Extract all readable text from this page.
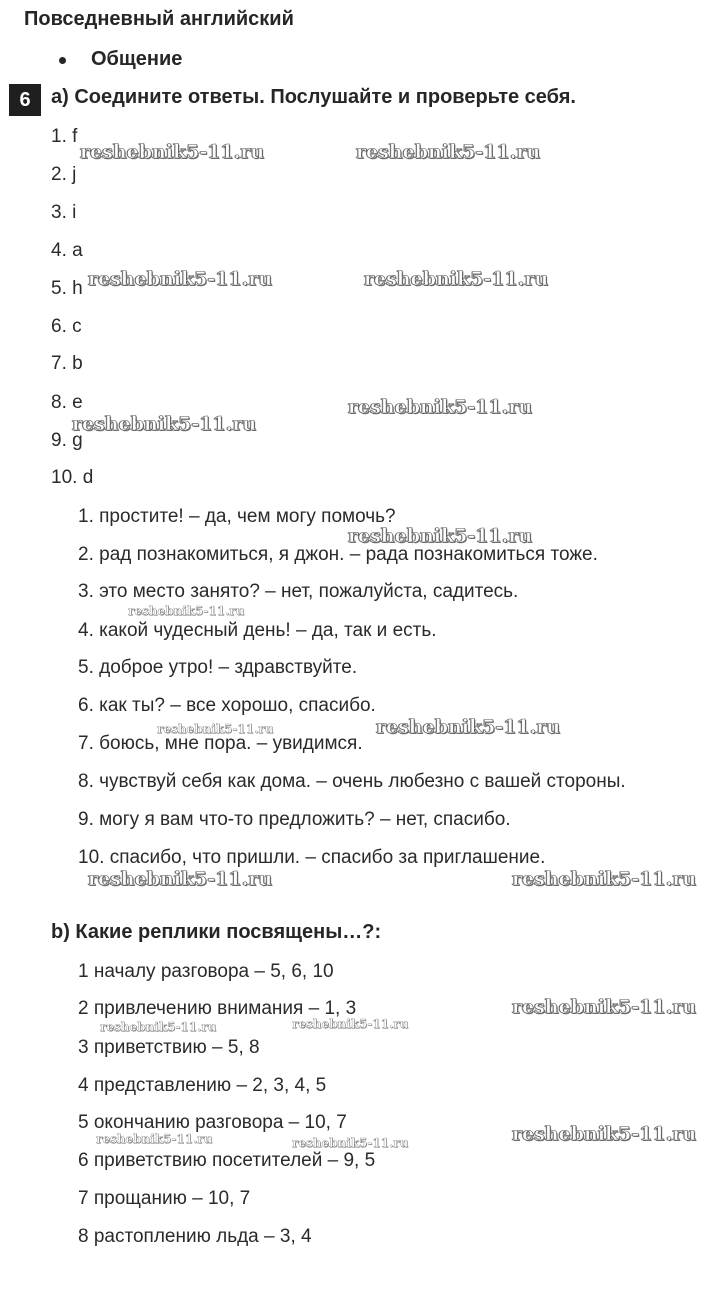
Повседневный английский
Общение
6	a) Соедините ответы. Послушайте и проверьте себя.
1. f
2. j
3. i
4. a
5. h
6. c
7. b
8. e
9. g
10. d
1. простите! – да, чем могу помочь?
2. рад познакомиться, я джон. – рада познакомиться тоже.
3. это место занято? – нет, пожалуйста, садитесь.
4. какой чудесный день! – да, так и есть.
5. доброе утро! – здравствуйте.
6. как ты? – все хорошо, спасибо.
7. боюсь, мне пора. – увидимся.
8. чувствуй себя как дома. – очень любезно с вашей стороны.
9. могу я вам что-то предложить? – нет, спасибо.
10. спасибо, что пришли. – спасибо за приглашение.
b) Какие реплики посвящены…?:
1 началу разговора – 5, 6, 10
2 привлечению внимания – 1, 3
3 приветствию – 5, 8
4 представлению – 2, 3, 4, 5
5 окончанию разговора – 10, 7
6 приветствию посетителей – 9, 5
7 прощанию – 10, 7
8 растоплению льда – 3, 4
reshebnik5-11.ru	reshebnik5-11.ru
reshebnik5-11.ru	reshebnik5-11.ru
reshebnik5-11.ru
reshebnik5-11.ru
reshebnik5-11.ru
reshebnik5-11.ru
reshebnik5-11.ru	reshebnik5-11.ru
reshebnik5-11.ru	reshebnik5-11.ru
reshebnik5-11.ru
reshebnik5-11.ru	reshebnik5-11.ru
reshebnik5-11.ru	reshebnik5-11.ru	reshebnik5-11.ru
